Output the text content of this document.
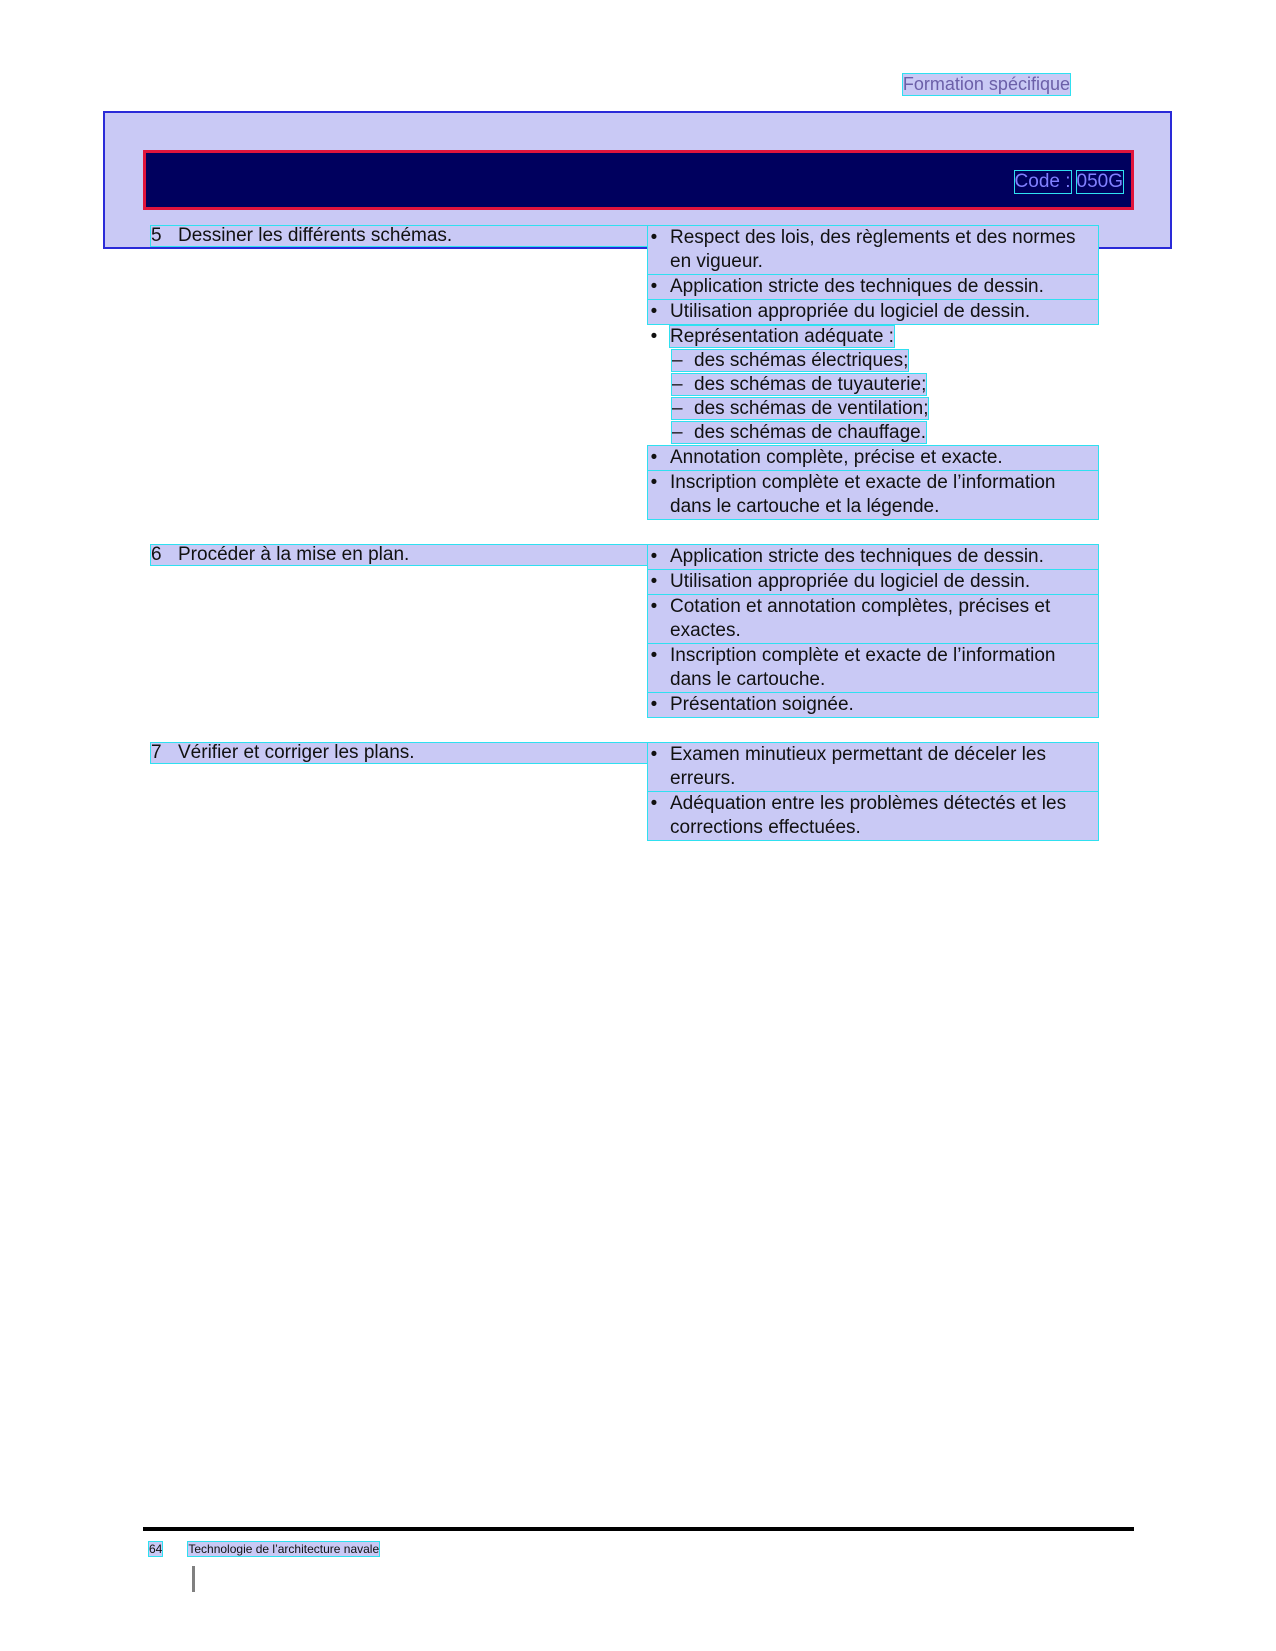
Formation spécifique
Code : 050G
5 Dessiner les différents schémas.	• Respect des lois, des règlements et des normes en vigueur.
• Application stricte des techniques de dessin.
• Utilisation appropriée du logiciel de dessin.
• Représentation adéquate :
– des schémas électriques;
– des schémas de tuyauterie;
– des schémas de ventilation;
– des schémas de chauffage.
• Annotation complète, précise et exacte.
• Inscription complète et exacte de l’information dans le cartouche et la légende.
6 Procéder à la mise en plan.	• Application stricte des techniques de dessin.
• Utilisation appropriée du logiciel de dessin.
• Cotation et annotation complètes, précises et exactes.
• Inscription complète et exacte de l’information dans le cartouche.
• Présentation soignée.
7 Vérifier et corriger les plans.	• Examen minutieux permettant de déceler les erreurs.
• Adéquation entre les problèmes détectés et les corrections effectuées.
64 Technologie de l’architecture navale
